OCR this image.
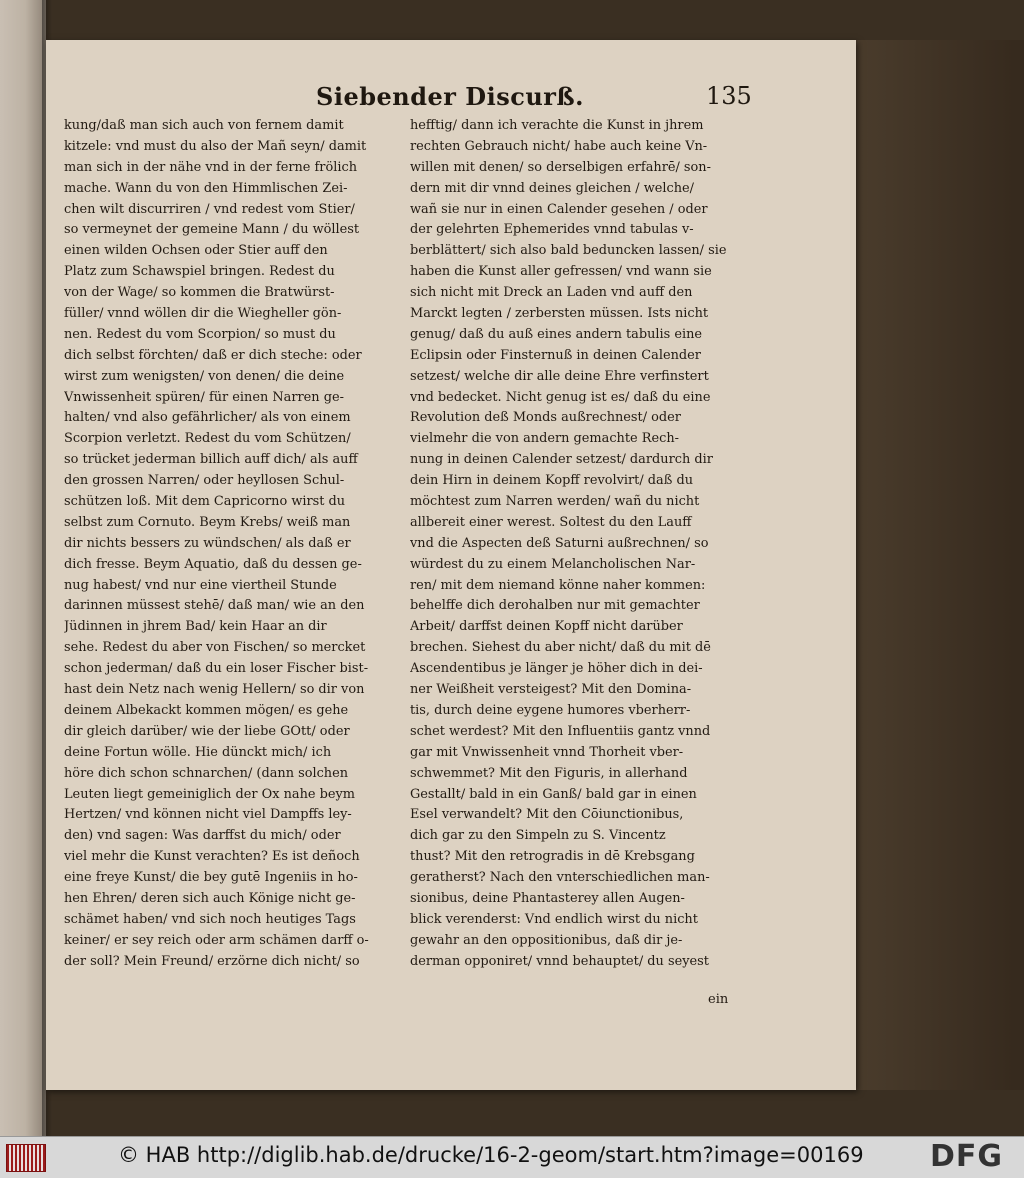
Siebender Discurß.	135
kung/daß man sich auch von fernem damit
kitzele: vnd must du also der Mañ seyn/ damit
man sich in der nähe vnd in der ferne frölich
mache. Wann du von den Himmlischen Zei-
chen wilt discurriren / vnd redest vom Stier/
so vermeynet der gemeine Mann / du wöllest
einen wilden Ochsen oder Stier auff den
Platz zum Schawspiel bringen. Redest du
von der Wage/ so kommen die Bratwürst-
füller/ vnnd wöllen dir die Wiegheller gön-
nen. Redest du vom Scorpion/ so must du
dich selbst förchten/ daß er dich steche: oder
wirst zum wenigsten/ von denen/ die deine
Vnwissenheit spüren/ für einen Narren ge-
halten/ vnd also gefährlicher/ als von einem
Scorpion verletzt. Redest du vom Schützen/
so trücket jederman billich auff dich/ als auff
den grossen Narren/ oder heyllosen Schul-
schützen loß. Mit dem Capricorno wirst du
selbst zum Cornuto. Beym Krebs/ weiß man
dir nichts bessers zu wündschen/ als daß er
dich fresse. Beym Aquatio, daß du dessen ge-
nug habest/ vnd nur eine viertheil Stunde
darinnen müssest stehē/ daß man/ wie an den
Jüdinnen in jhrem Bad/ kein Haar an dir
sehe. Redest du aber von Fischen/ so mercket
schon jederman/ daß du ein loser Fischer bist-
hast dein Netz nach wenig Hellern/ so dir von
deinem Albekackt kommen mögen/ es gehe
dir gleich darüber/ wie der liebe GOtt/ oder
deine Fortun wölle. Hie dünckt mich/ ich
höre dich schon schnarchen/ (dann solchen
Leuten liegt gemeiniglich der Ox nahe beym
Hertzen/ vnd können nicht viel Dampffs ley-
den) vnd sagen: Was darffst du mich/ oder
viel mehr die Kunst verachten? Es ist deñoch
eine freye Kunst/ die bey gutē Ingeniis in ho-
hen Ehren/ deren sich auch Könige nicht ge-
schämet haben/ vnd sich noch heutiges Tags
keiner/ er sey reich oder arm schämen darff o-
der soll? Mein Freund/ erzörne dich nicht/ so
hefftig/ dann ich verachte die Kunst in jhrem
rechten Gebrauch nicht/ habe auch keine Vn-
willen mit denen/ so derselbigen erfahrē/ son-
dern mit dir vnnd deines gleichen / welche/
wañ sie nur in einen Calender gesehen / oder
der gelehrten Ephemerides vnnd tabulas v-
berblättert/ sich also bald beduncken lassen/ sie
haben die Kunst aller gefressen/ vnd wann sie
sich nicht mit Dreck an Laden vnd auff den
Marckt legten / zerbersten müssen. Ists nicht
genug/ daß du auß eines andern tabulis eine
Eclipsin oder Finsternuß in deinen Calender
setzest/ welche dir alle deine Ehre verfinstert
vnd bedecket. Nicht genug ist es/ daß du eine
Revolution deß Monds außrechnest/ oder
vielmehr die von andern gemachte Rech-
nung in deinen Calender setzest/ dardurch dir
dein Hirn in deinem Kopff revolvirt/ daß du
möchtest zum Narren werden/ wañ du nicht
allbereit einer werest. Soltest du den Lauff
vnd die Aspecten deß Saturni außrechnen/ so
würdest du zu einem Melancholischen Nar-
ren/ mit dem niemand könne naher kommen:
behelffe dich derohalben nur mit gemachter
Arbeit/ darffst deinen Kopff nicht darüber
brechen. Siehest du aber nicht/ daß du mit dē
Ascendentibus je länger je höher dich in dei-
ner Weißheit versteigest? Mit den Domina-
tis, durch deine eygene humores vberherr-
schet werdest? Mit den Influentiis gantz vnnd
gar mit Vnwissenheit vnnd Thorheit vber-
schwemmet? Mit den Figuris, in allerhand
Gestallt/ bald in ein Ganß/ bald gar in einen
Esel verwandelt? Mit den Cōiunctionibus,
dich gar zu den Simpeln zu S. Vincentz
thust? Mit den retrogradis in dē Krebsgang
geratherst? Nach den vnterschiedlichen man-
sionibus, deine Phantasterey allen Augen-
blick verenderst: Vnd endlich wirst du nicht
gewahr an den oppositionibus, daß dir je-
derman opponiret/ vnnd behauptet/ du seyest
ein
© HAB http://diglib.hab.de/drucke/16-2-geom/start.htm?image=00169 DFG
